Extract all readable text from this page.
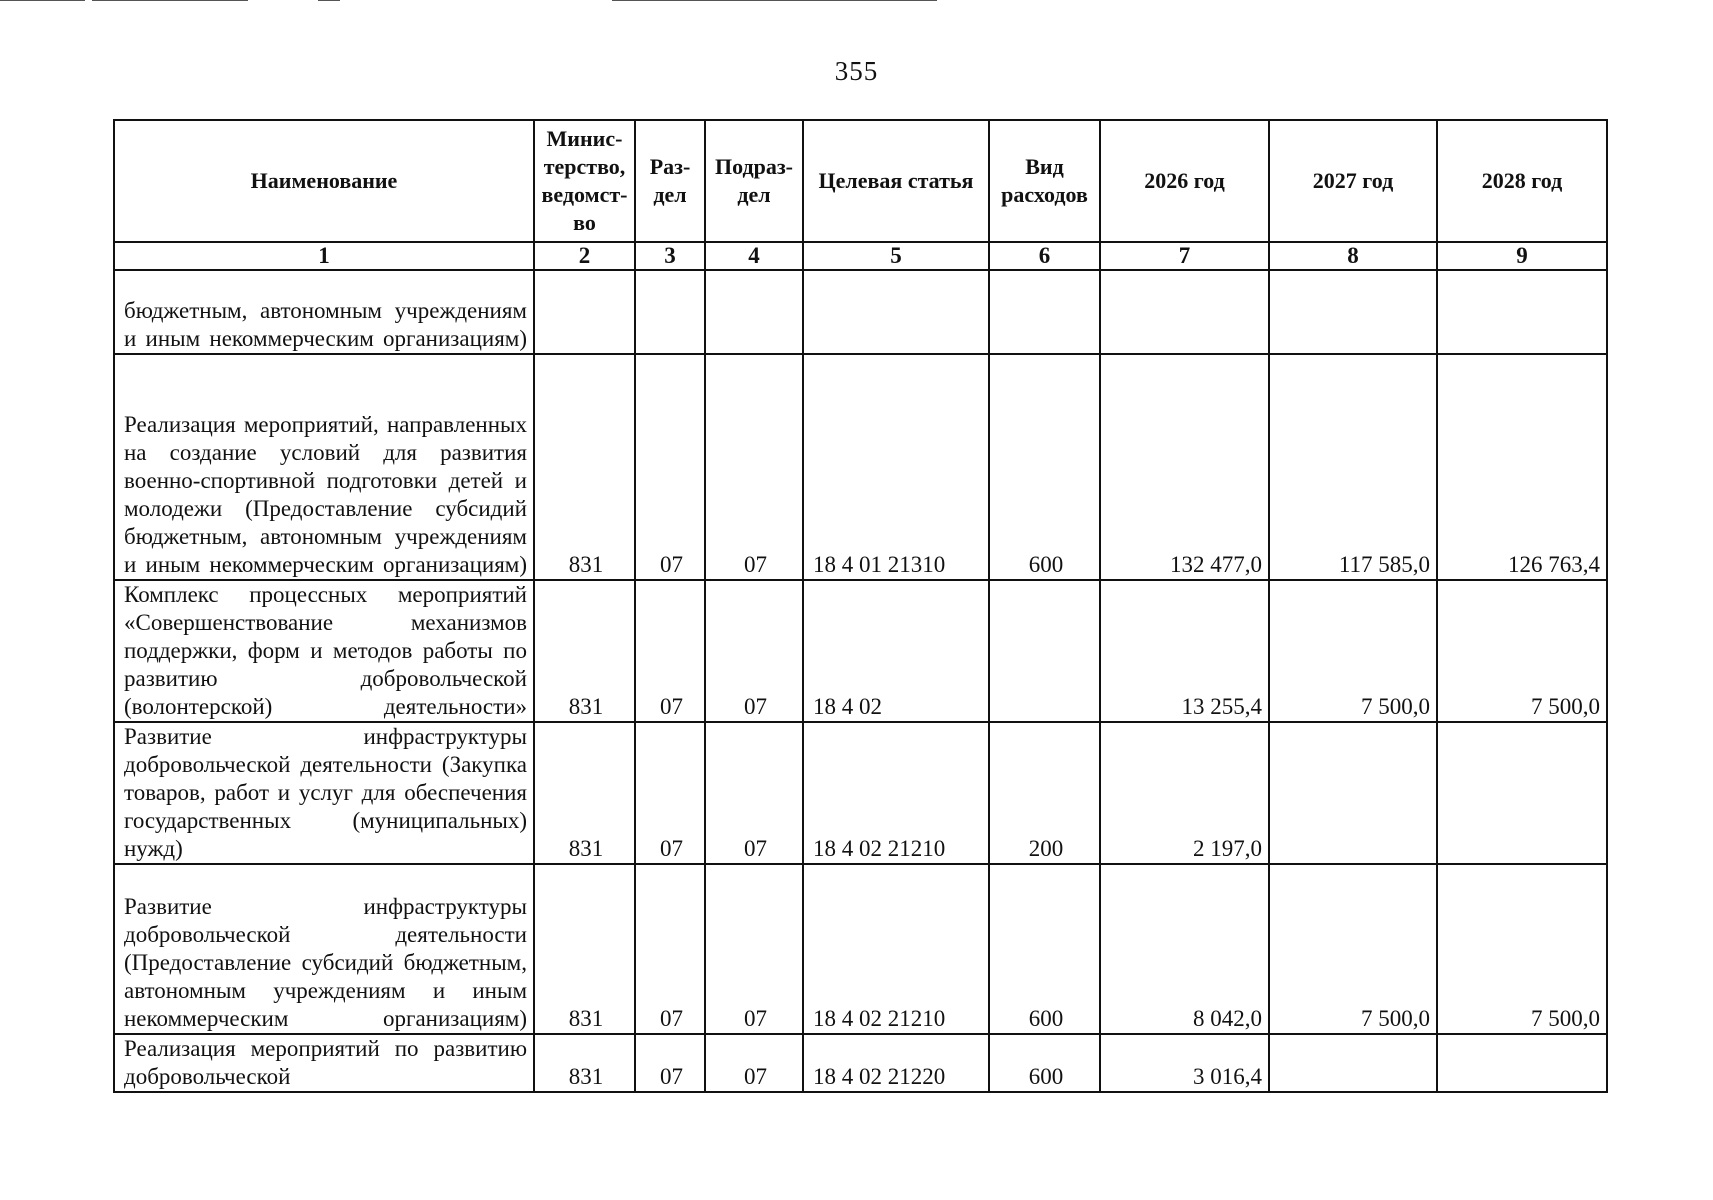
355
Наименование	Минис-терство, ведомст-во	Раз-дел	Подраз-дел	Целевая статья	Вид расходов	2026 год	2027 год	2028 год
1	2	3	4	5	6	7	8	9
бюджетным, автономным учреждениям и иным некоммерческим организациям)								
Реализация мероприятий, направленных на создание условий для развития военно-спортивной подготовки детей и молодежи (Предоставление субсидий бюджетным, автономным учреждениям и иным некоммерческим организациям)	831	07	07	18 4 01 21310	600	132 477,0	117 585,0	126 763,4
Комплекс процессных мероприятий «Совершенствование механизмов поддержки, форм и методов работы по развитию добровольческой (волонтерской) деятельности»	831	07	07	18 4 02		13 255,4	7 500,0	7 500,0
Развитие инфраструктуры добровольческой деятельности (Закупка товаров, работ и услуг для обеспечения государственных (муниципальных) нужд)	831	07	07	18 4 02 21210	200	2 197,0		
Развитие инфраструктуры добровольческой деятельности (Предоставление субсидий бюджетным, автономным учреждениям и иным некоммерческим организациям)	831	07	07	18 4 02 21210	600	8 042,0	7 500,0	7 500,0
Реализация мероприятий по развитию добровольческой	831	07	07	18 4 02 21220	600	3 016,4		
